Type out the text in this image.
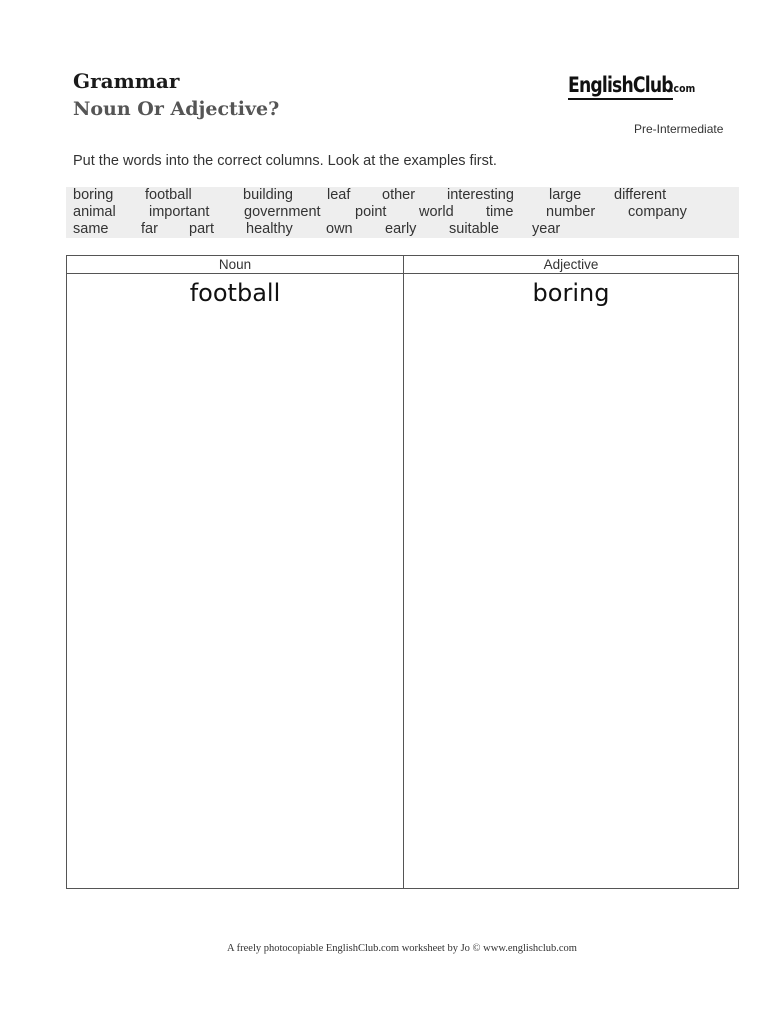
Grammar
Noun Or Adjective?
EnglishClub
.com
Pre-Intermediate
Put the words into the correct columns. Look at the examples first.
boring football	building leaf other interesting large different
animal important government point world time number company
same far part healthy own early suitable year
Noun	Adjective
football	boring
A freely photocopiable EnglishClub.com worksheet by Jo © www.englishclub.com
